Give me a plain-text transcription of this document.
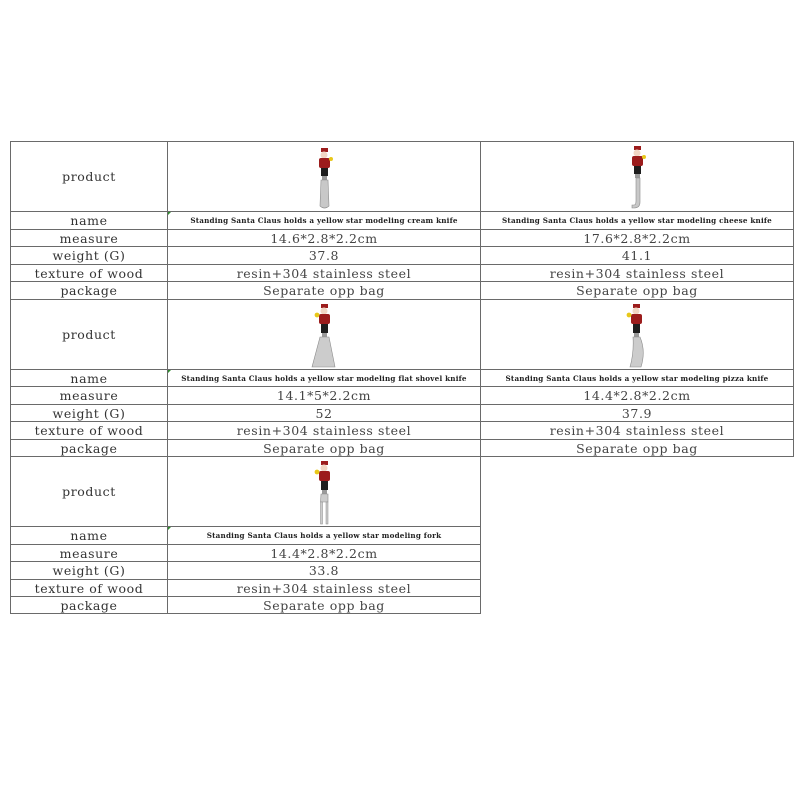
product
name	Standing Santa Claus holds a yellow star modeling cream knife	Standing Santa Claus holds a yellow star modeling cheese knife
measure	14.6*2.8*2.2cm	17.6*2.8*2.2cm
weight (G)	37.8	41.1
texture of wood	resin+304 stainless steel	resin+304 stainless steel
package	Separate opp bag	Separate opp bag
product
name	Standing Santa Claus holds a yellow star modeling flat shovel knife	Standing Santa Claus holds a yellow star modeling pizza knife
measure	14.1*5*2.2cm	14.4*2.8*2.2cm
weight (G)	52	37.9
texture of wood	resin+304 stainless steel	resin+304 stainless steel
package	Separate opp bag	Separate opp bag
product
name	Standing Santa Claus holds a yellow star modeling fork
measure	14.4*2.8*2.2cm
weight (G)	33.8
texture of wood	resin+304 stainless steel
package	Separate opp bag
